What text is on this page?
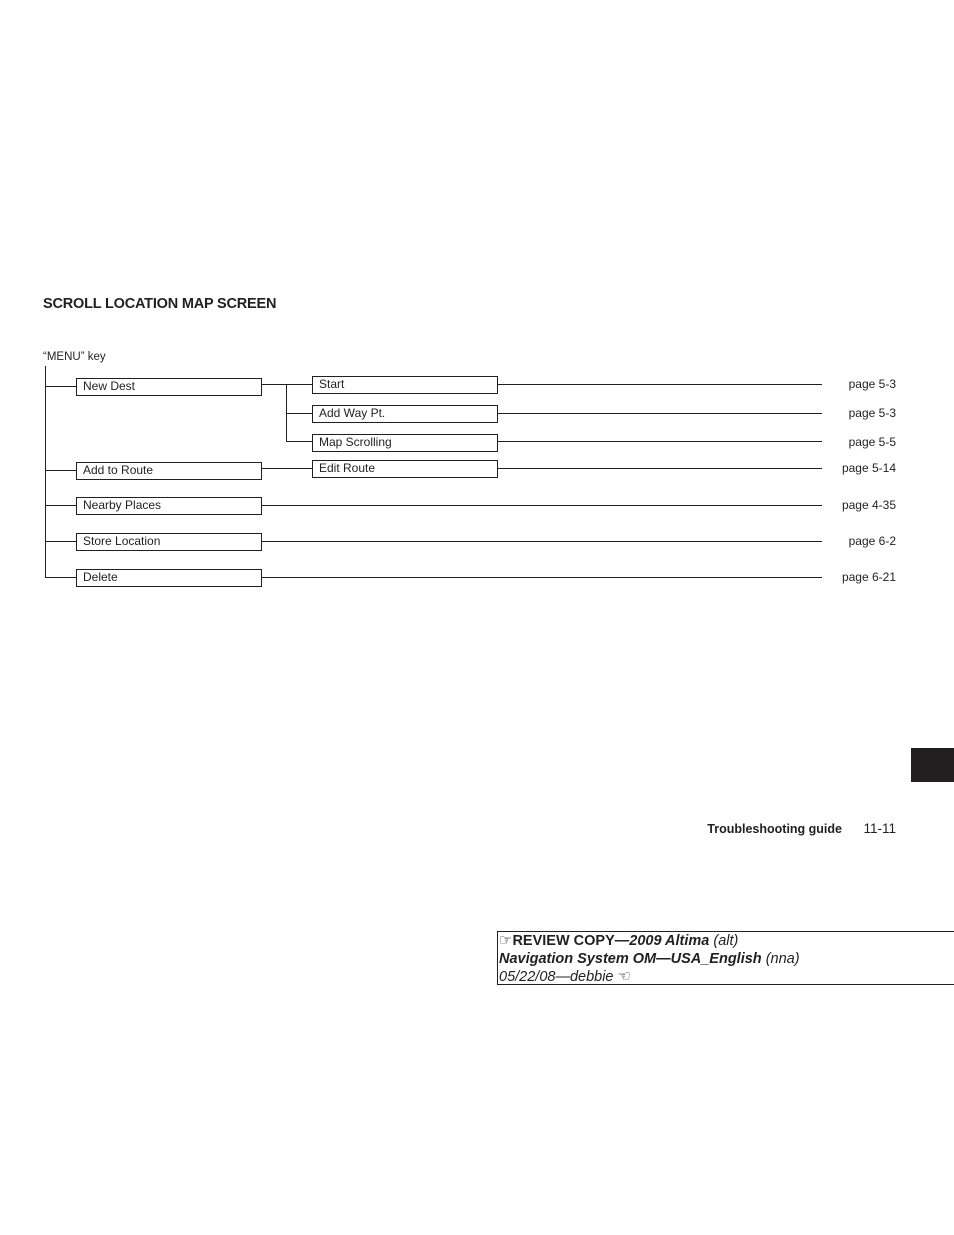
SCROLL LOCATION MAP SCREEN
“MENU” key
New Dest
Add to Route
Nearby Places
Store Location
Delete
Start
Add Way Pt.
Map Scrolling
Edit Route
page 5-3
page 5-3
page 5-5
page 5-14
page 4-35
page 6-2
page 6-21
Troubleshooting guide 11-11
☞REVIEW COPY—2009 Altima (alt)
Navigation System OM—USA_English (nna)
05/22/08—debbie ☜
